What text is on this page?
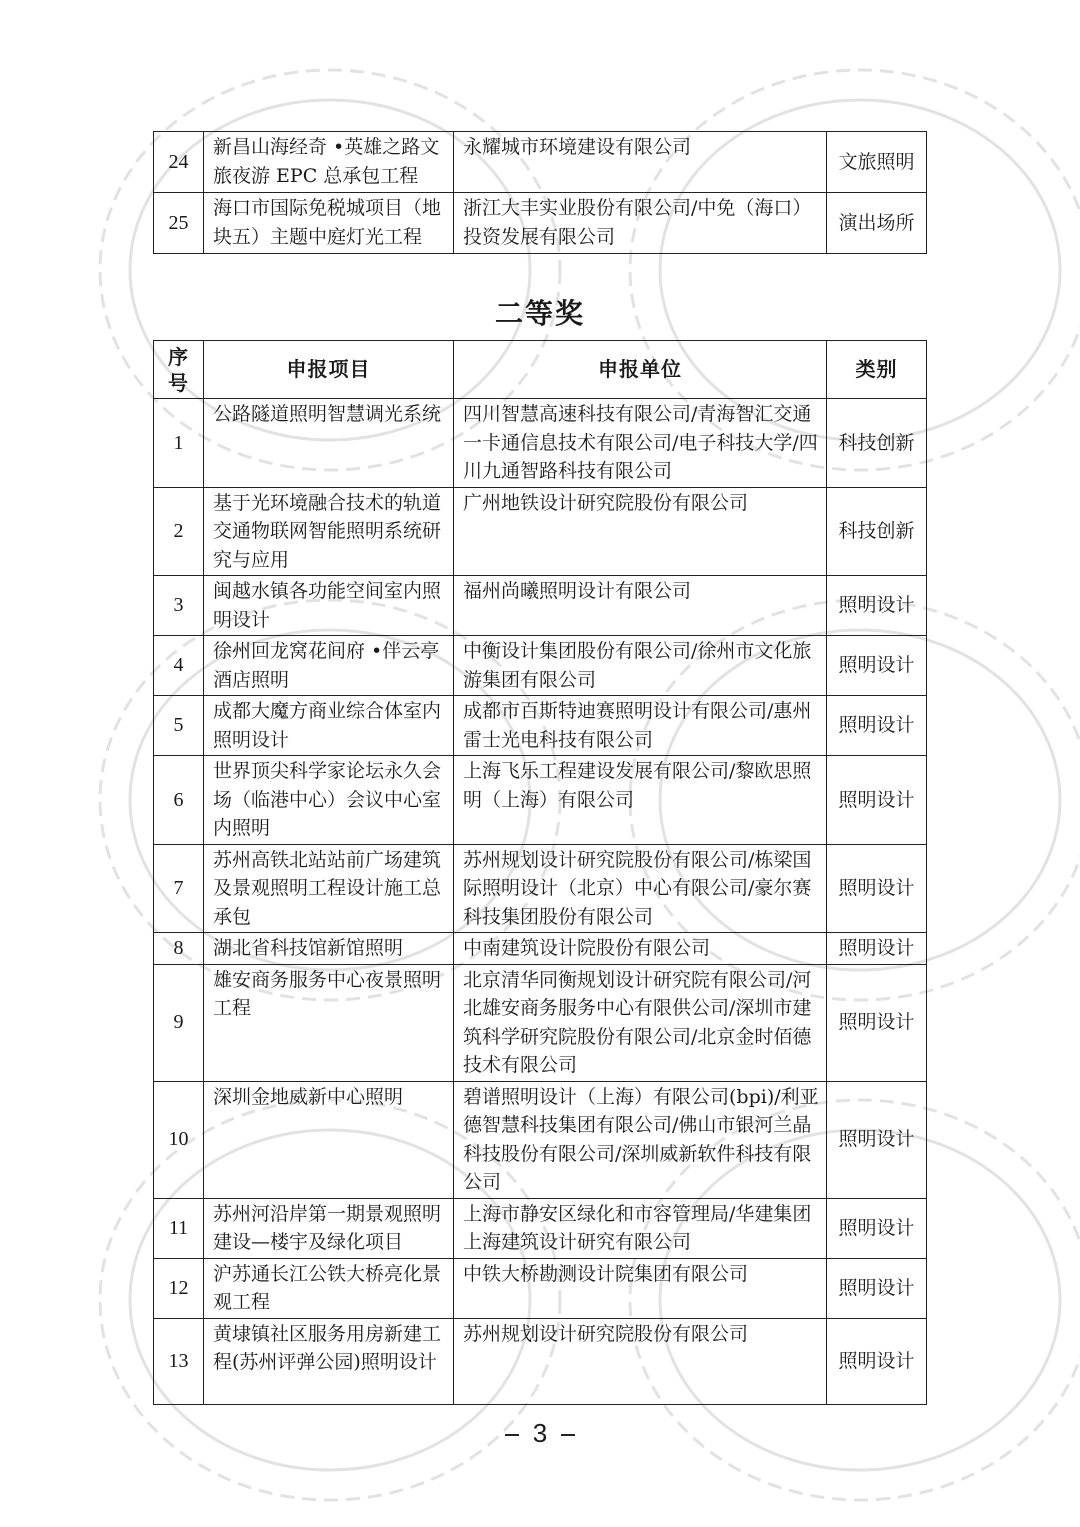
24	新昌山海经奇 •英雄之路文旅夜游 EPC 总承包工程	永耀城市环境建设有限公司	文旅照明
25	海口市国际免税城项目（地块五）主题中庭灯光工程	浙江大丰实业股份有限公司/中免（海口）投资发展有限公司	演出场所
二等奖
序
号	申报项目	申报单位	类别
1	公路隧道照明智慧调光系统	四川智慧高速科技有限公司/青海智汇交通一卡通信息技术有限公司/电子科技大学/四川九通智路科技有限公司	科技创新
2	基于光环境融合技术的轨道交通物联网智能照明系统研究与应用	广州地铁设计研究院股份有限公司	科技创新
3	闽越水镇各功能空间室内照明设计	福州尚曦照明设计有限公司	照明设计
4	徐州回龙窝花间府 •伴云亭酒店照明	中衡设计集团股份有限公司/徐州市文化旅游集团有限公司	照明设计
5	成都大魔方商业综合体室内照明设计	成都市百斯特迪赛照明设计有限公司/惠州雷士光电科技有限公司	照明设计
6	世界顶尖科学家论坛永久会场（临港中心）会议中心室内照明	上海飞乐工程建设发展有限公司/黎欧思照明（上海）有限公司	照明设计
7	苏州高铁北站站前广场建筑及景观照明工程设计施工总承包	苏州规划设计研究院股份有限公司/栋梁国际照明设计（北京）中心有限公司/豪尔赛科技集团股份有限公司	照明设计
8	湖北省科技馆新馆照明	中南建筑设计院股份有限公司	照明设计
9	雄安商务服务中心夜景照明工程	北京清华同衡规划设计研究院有限公司/河北雄安商务服务中心有限供公司/深圳市建筑科学研究院股份有限公司/北京金时佰德技术有限公司	照明设计
10	深圳金地威新中心照明	碧谱照明设计（上海）有限公司(bpi)/利亚德智慧科技集团有限公司/佛山市银河兰晶科技股份有限公司/深圳威新软件科技有限公司	照明设计
11	苏州河沿岸第一期景观照明建设—楼宇及绿化项目	上海市静安区绿化和市容管理局/华建集团上海建筑设计研究有限公司	照明设计
12	沪苏通长江公铁大桥亮化景观工程	中铁大桥勘测设计院集团有限公司	照明设计
13	黄埭镇社区服务用房新建工程(苏州评弹公园)照明设计	苏州规划设计研究院股份有限公司	照明设计
3
